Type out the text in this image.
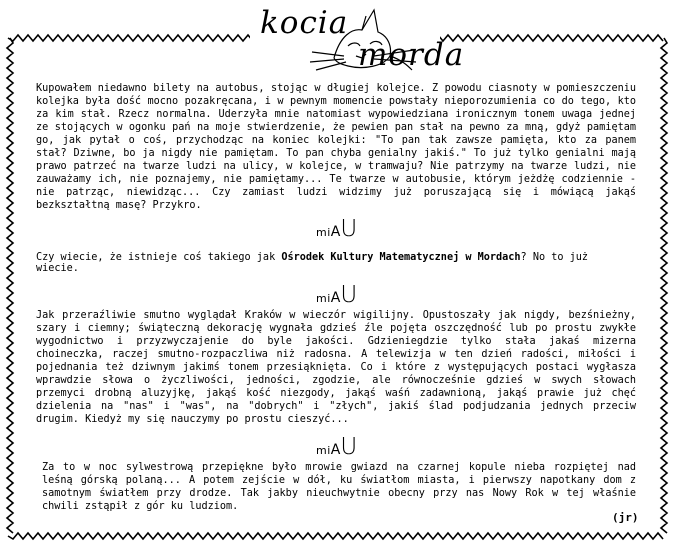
kocia
morda

Kupowałem niedawno bilety na autobus, stojąc w długiej kolejce. Z powodu ciasnoty w pomieszczeniu kolejka była dość mocno pozakręcana, i w pewnym momencie powstały nieporozumienia co do tego, kto za kim stał. Rzecz normalna. Uderzyła mnie natomiast wypowiedziana ironicznym tonem uwaga jednej ze stojących w ogonku pań na moje stwierdzenie, że pewien pan stał na pewno za mną, gdyż pamiętam go, jak pytał o coś, przychodząc na koniec kolejki: "To pan tak zawsze pamięta, kto za panem stał? Dziwne, bo ja nigdy nie pamiętam. To pan chyba genialny jakiś." To już tylko genialni mają prawo patrzeć na twarze ludzi na ulicy, w kolejce, w tramwaju? Nie patrzymy na twarze ludzi, nie zauważamy ich, nie poznajemy, nie pamiętamy... Te twarze w autobusie, którym jeżdżę codziennie - nie patrząc, niewidząc... Czy zamiast ludzi widzimy już poruszającą się i mówiącą jakąś bezkształtną masę? Przykro.

miAU
Czy wiecie, że istnieje coś takiego jak Ośrodek Kultury Matematycznej w Mordach? No to już wiecie.
miAU

Jak przeraźliwie smutno wyglądał Kraków w wieczór wigilijny. Opustoszały jak nigdy, bezśnieżny, szary i ciemny; świąteczną dekorację wygnała gdzieś źle pojęta oszczędność lub po prostu zwykłe wygodnictwo i przyzwyczajenie do byle jakości. Gdzieniegdzie tylko stała jakaś mizerna choineczka, raczej smutno-rozpaczliwa niż radosna. A telewizja w ten dzień radości, miłości i pojednania też dziwnym jakimś tonem przesiąknięta. Co i które z występujących postaci wygłasza wprawdzie słowa o życzliwości, jedności, zgodzie, ale równocześnie gdzieś w swych słowach przemyci drobną aluzyjkę, jakąś kość niezgody, jakąś waśń zadawnioną, jakąś prawie już chęć dzielenia na "nas" i "was", na "dobrych" i "złych", jakiś ślad podjudzania jednych przeciw drugim. Kiedyż my się nauczymy po prostu cieszyć...

miAU

Za to w noc sylwestrową przepiękne było mrowie gwiazd na czarnej kopule nieba rozpiętej nad leśną górską polaną... A potem zejście w dół, ku światłom miasta, i pierwszy napotkany dom z samotnym światłem przy drodze. Tak jakby nieuchwytnie obecny przy nas Nowy Rok w tej właśnie chwili zstąpił z gór ku ludziom.

(jr)
